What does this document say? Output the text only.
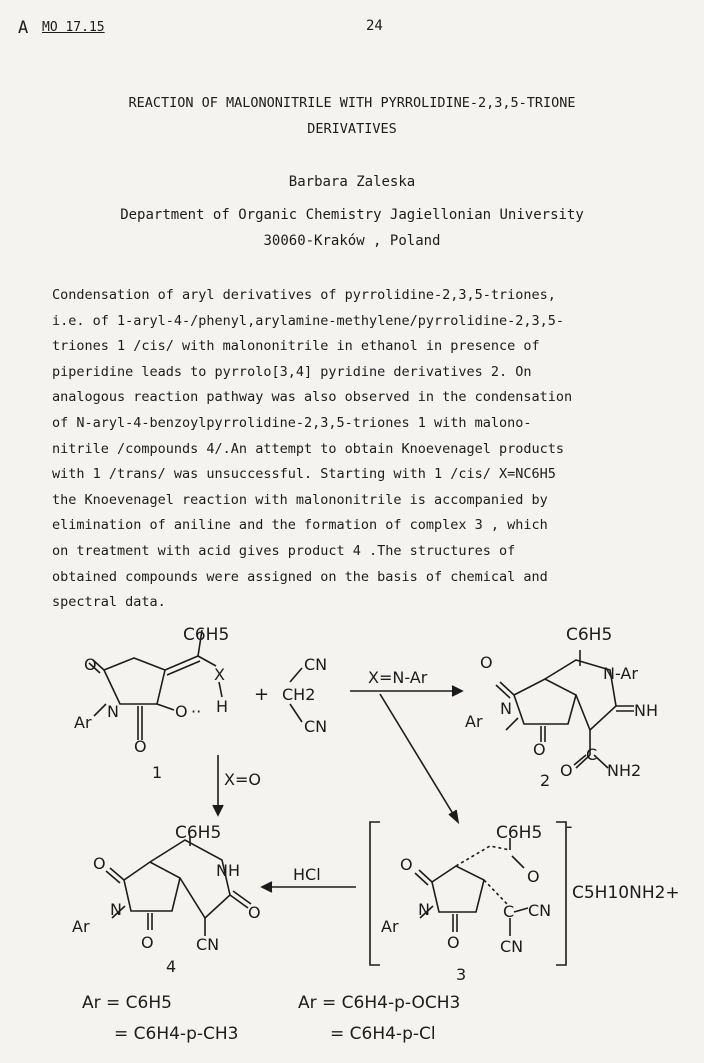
A MO 17.15	24
REACTION OF MALONONITRILE WITH PYRROLIDINE-2,3,5-TRIONE
DERIVATIVES
Barbara Zaleska
Department of Organic Chemistry Jagiellonian University
30060-Kraków , Poland
Condensation of aryl derivatives of pyrrolidine-2,3,5-triones,
i.e. of 1-aryl-4-/phenyl,arylamine-methylene/pyrrolidine-2,3,5-
triones 1 /cis/ with malononitrile in ethanol in presence of
piperidine leads to pyrrolo[3,4] pyridine derivatives 2. On
analogous reaction pathway was also observed in the condensation
of N-aryl-4-benzoylpyrrolidine-2,3,5-triones 1 with malono-
nitrile /compounds 4/.An attempt to obtain Knoevenagel products
with 1 /trans/ was unsuccessful. Starting with 1 /cis/ X=NC6H5
the Knoevenagel reaction with malononitrile is accompanied by
elimination of aniline and the formation of complex 3 , which
on treatment with acid gives product 4 .The structures of
obtained compounds were assigned on the basis of chemical and
spectral data.
C6H5
O
N
Ar
O
O ··
X
H
1
+
CN
CH2
CN
X=N-Ar
X=O
C6H5
O
N
Ar
O
N-Ar
NH
C
O NH2
2
C6H5
O
N
Ar
O
NH
O
CN
4
HCl
-
C5H10NH2+
C6H5
O
O
N
Ar
O
C CN
CN
3
Ar = C6H5
= C6H4-p-CH3
Ar = C6H4-p-OCH3
= C6H4-p-Cl
